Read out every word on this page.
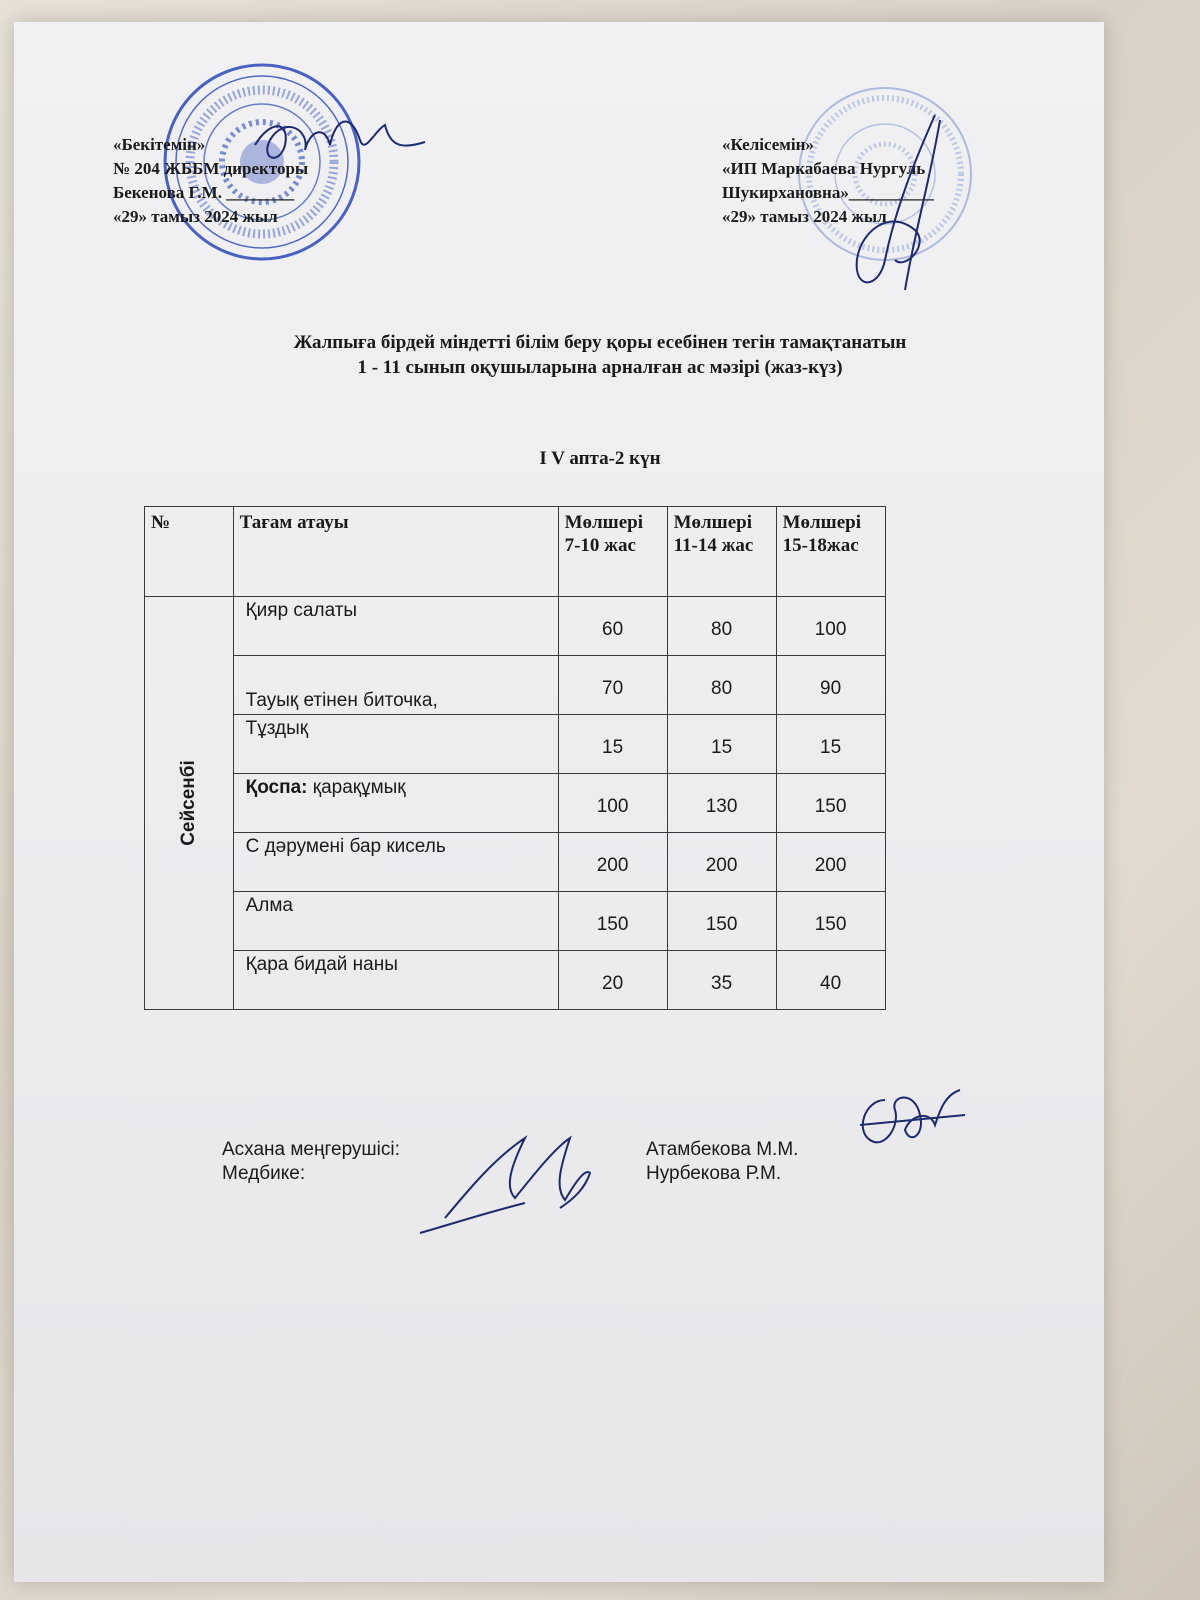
«Бекітемін»
№ 204 ЖББМ директоры
Бекенова Г.М. ________
«29» тамыз 2024 жыл
«Келісемін»
«ИП Маркабаева Нургуль
Шукирхановна»__________
«29» тамыз 2024 жыл
Жалпыға бірдей міндетті білім беру қоры есебінен тегін тамақтанатын
1 - 11 сынып оқушыларына арналған ас мәзірі (жаз-күз)
I V апта-2 күн
№	Тағам атауы	Мөлшері 7-10 жас	Мөлшері 11-14 жас	Мөлшері 15-18жас
Сейсенбі	Қияр салаты	60	80	100
	Тауық етінен биточка,	70	80	90
	Тұздық	15	15	15
	Қоспа: қарақұмық	100	130	150
	С дәрумені бар кисель	200	200	200
	Алма	150	150	150
	Қара бидай наны	20	35	40
Асхана меңгерушісі:
Медбике:
Атамбекова М.М.
Нурбекова Р.М.
